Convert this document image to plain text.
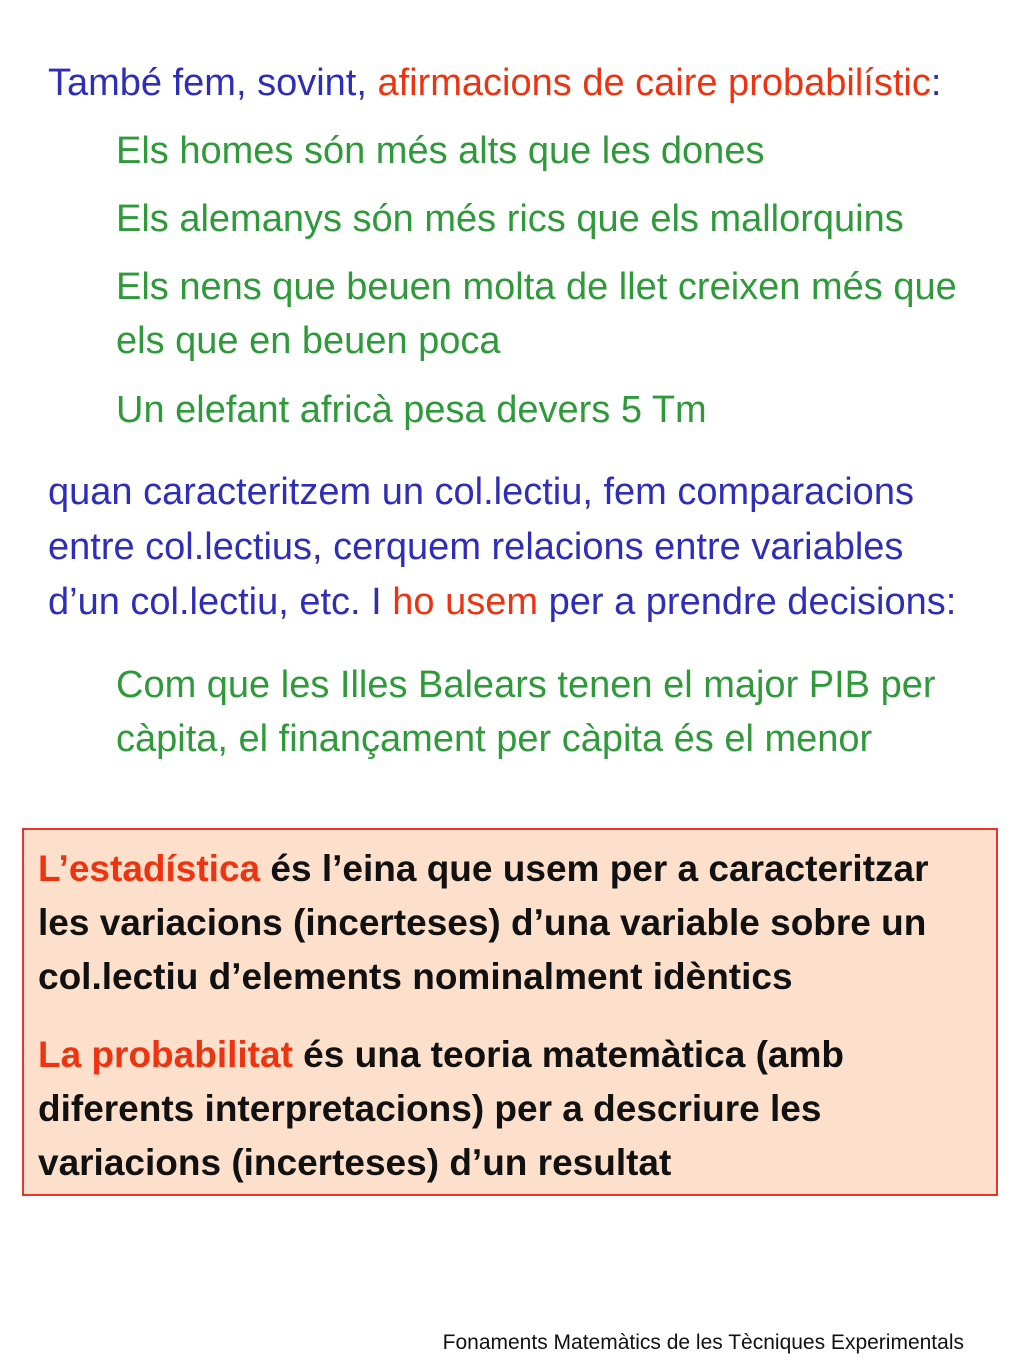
També fem, sovint, afirmacions de caire probabilístic:
Els homes són més alts que les dones
Els alemanys són més rics que els mallorquins
Els nens que beuen molta de llet creixen més que
els que en beuen poca
Un elefant africà pesa devers 5 Tm
quan caracteritzem un col.lectiu, fem comparacions
entre col.lectius, cerquem relacions entre variables
d’un col.lectiu, etc. I ho usem per a prendre decisions:
Com que les Illes Balears tenen el major PIB per
càpita, el finançament per càpita és el menor

L’estadística és l’eina que usem per a caracteritzar
les variacions (incerteses) d’una variable sobre un
col.lectiu d’elements nominalment idèntics

La probabilitat és una teoria matemàtica (amb
diferents interpretacions) per a descriure les
variacions (incerteses) d’un resultat

Fonaments Matemàtics de les Tècniques Experimentals
